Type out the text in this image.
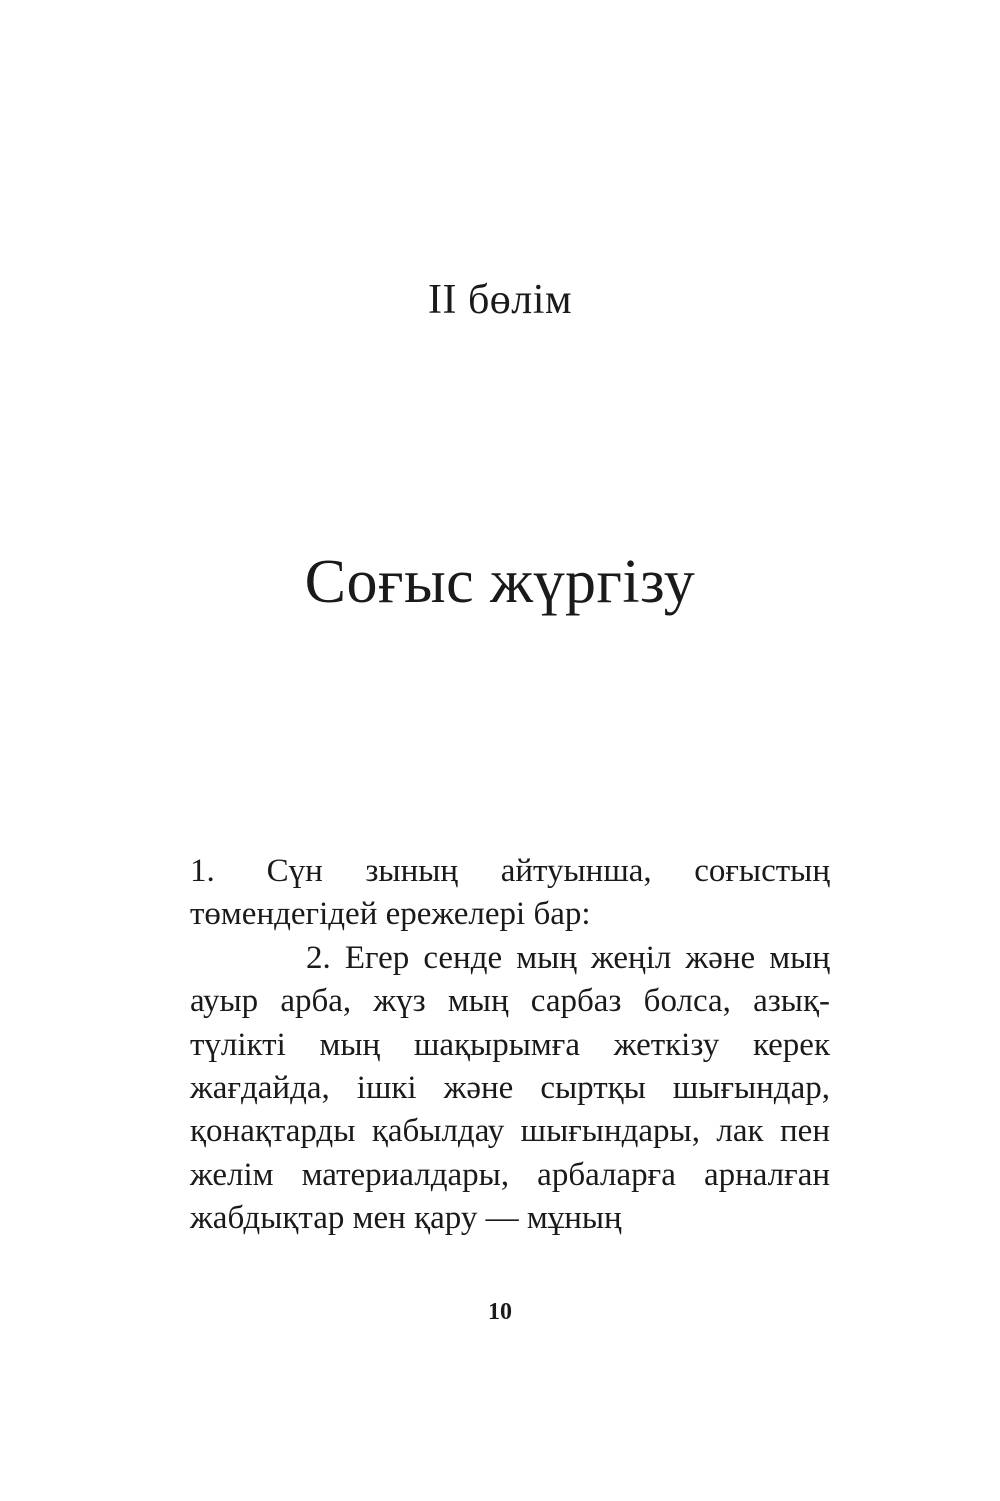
II бөлім
Соғыс жүргізу

1. Сүн зының айтуынша, соғыстың төмендегідей ережелері бар:

2. Егер сенде мың жеңіл және мың ауыр арба, жүз мың сарбаз болса, азық-түлікті мың шақырымға жеткізу керек жағдайда, ішкі және сыртқы шығындар, қонақтарды қабылдау шығындары, лак пен желім материалдары, арбаларға арналған жабдықтар мен қару — мұның

10
